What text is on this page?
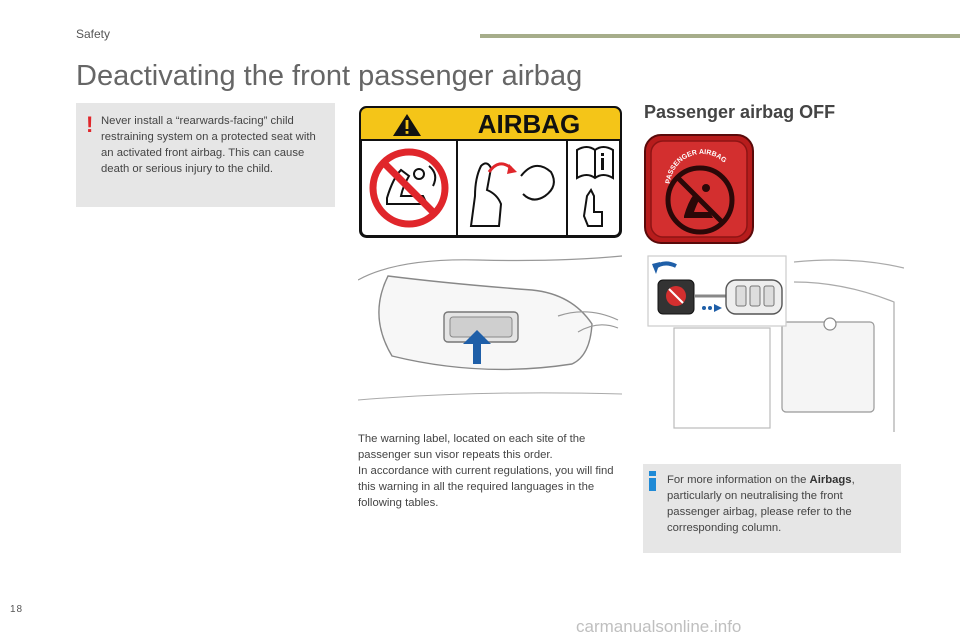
Safety
Deactivating the front passenger airbag
! Never install a “rearwards-facing” child restraining system on a protected seat with an activated front airbag. This can cause death or serious injury to the child.
AIRBAG

The warning label, located on each site of the passenger sun visor repeats this order.

In accordance with current regulations, you will find this warning in all the required languages in the following tables.

Passenger airbag OFF
PASSENGER AIRBAG
For more information on the Airbags, particularly on neutralising the front passenger airbag, please refer to the corresponding column.
18
carmanualsonline.info
